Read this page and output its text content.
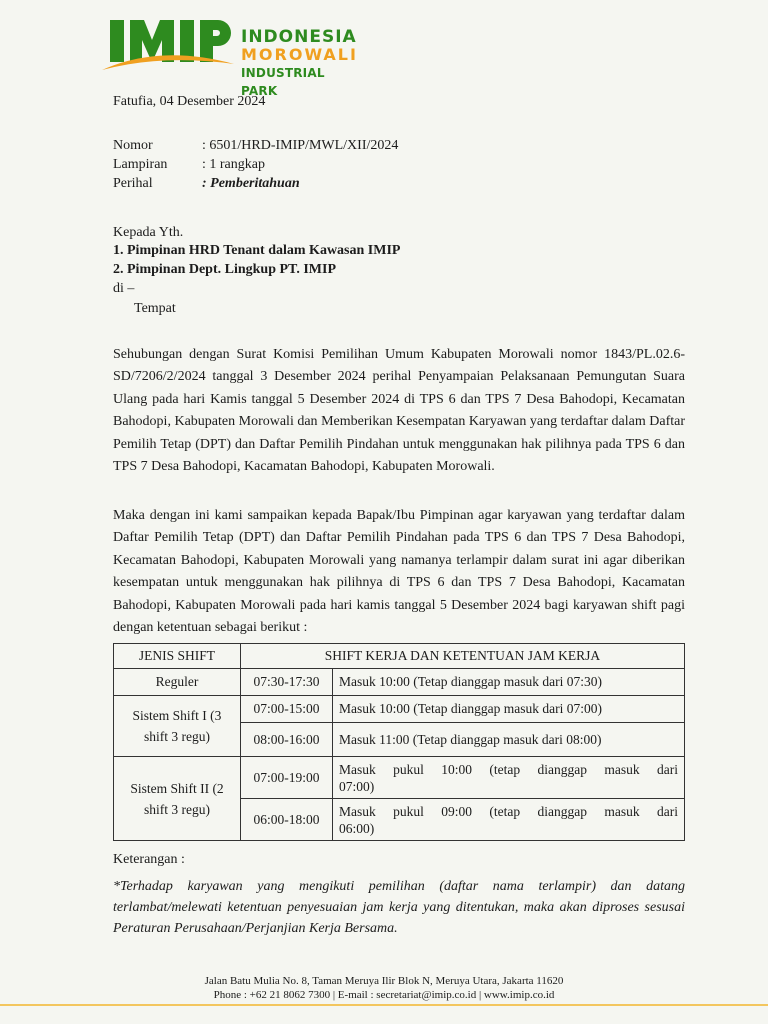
INDONESIA
MOROWALI
INDUSTRIAL PARK
Fatufia, 04 Desember 2024
Nomor	: 6501/HRD-IMIP/MWL/XII/2024
Lampiran : 1 rangkap
Perihal	: Pemberitahuan
Kepada Yth.
1. Pimpinan HRD Tenant dalam Kawasan IMIP
2. Pimpinan Dept. Lingkup PT. IMIP
di –
Tempat
Sehubungan dengan Surat Komisi Pemilihan Umum Kabupaten Morowali nomor 1843/PL.02.6-SD/7206/2/2024 tanggal 3 Desember 2024 perihal Penyampaian Pelaksanaan Pemungutan Suara Ulang pada hari Kamis tanggal 5 Desember 2024 di TPS 6 dan TPS 7 Desa Bahodopi, Kecamatan Bahodopi, Kabupaten Morowali dan Memberikan Kesempatan Karyawan yang terdaftar dalam Daftar Pemilih Tetap (DPT) dan Daftar Pemilih Pindahan untuk menggunakan hak pilihnya pada TPS 6 dan TPS 7 Desa Bahodopi, Kacamatan Bahodopi, Kabupaten Morowali.
Maka dengan ini kami sampaikan kepada Bapak/Ibu Pimpinan agar karyawan yang terdaftar dalam Daftar Pemilih Tetap (DPT) dan Daftar Pemilih Pindahan pada TPS 6 dan TPS 7 Desa Bahodopi, Kecamatan Bahodopi, Kabupaten Morowali yang namanya terlampir dalam surat ini agar diberikan kesempatan untuk menggunakan hak pilihnya di TPS 6 dan TPS 7 Desa Bahodopi, Kacamatan Bahodopi, Kabupaten Morowali pada hari kamis tanggal 5 Desember 2024 bagi karyawan shift pagi dengan ketentuan sebagai berikut :
JENIS SHIFT	SHIFT KERJA DAN KETENTUAN JAM KERJA	
Reguler	07:30-17:30	Masuk 10:00 (Tetap dianggap masuk dari 07:30)
Sistem Shift I (3 shift 3 regu)	07:00-15:00	Masuk 10:00 (Tetap dianggap masuk dari 07:00)
	08:00-16:00	Masuk 11:00 (Tetap dianggap masuk dari 08:00)
Sistem Shift II (2 shift 3 regu)	07:00-19:00	Masuk pukul 10:00 (tetap dianggap masuk dari
07:00)
	06:00-18:00	Masuk pukul 09:00 (tetap dianggap masuk dari
06:00)
Keterangan :
*Terhadap karyawan yang mengikuti pemilihan (daftar nama terlampir) dan datang terlambat/melewati ketentuan penyesuaian jam kerja yang ditentukan, maka akan diproses sesusai Peraturan Perusahaan/Perjanjian Kerja Bersama.
Jalan Batu Mulia No. 8, Taman Meruya Ilir Blok N, Meruya Utara, Jakarta 11620
Phone : +62 21 8062 7300 | E-mail : secretariat@imip.co.id | www.imip.co.id
